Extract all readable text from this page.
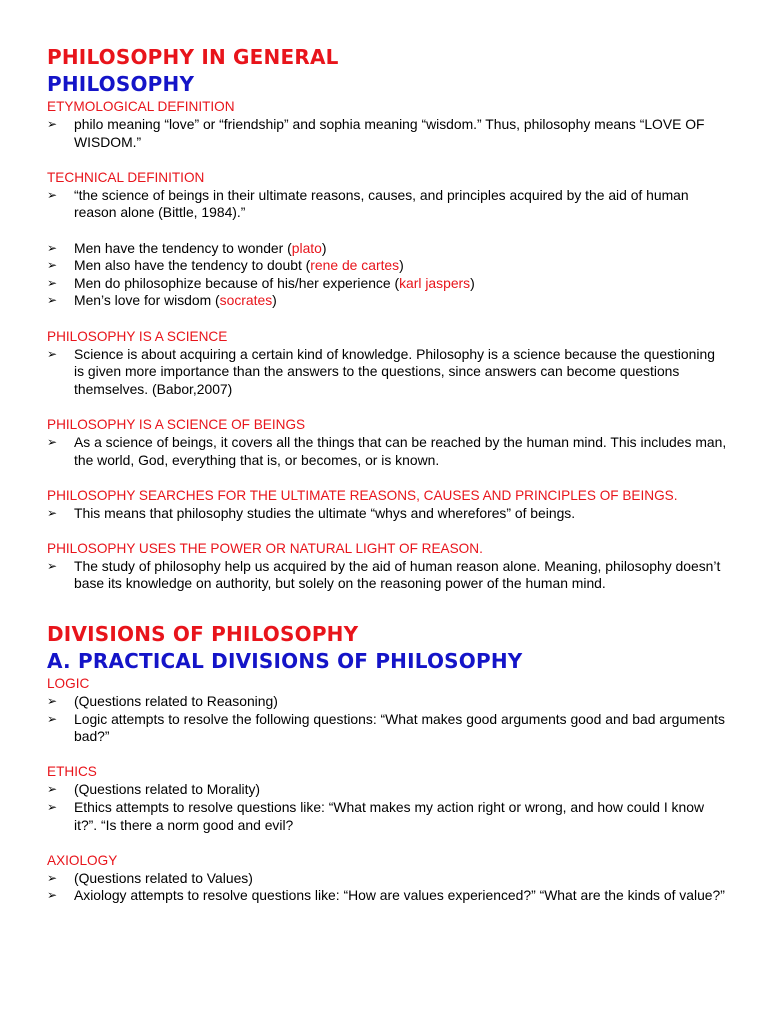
PHILOSOPHY IN GENERAL
PHILOSOPHY

ETYMOLOGICAL DEFINITION

➢ philo meaning “love” or “friendship” and sophia meaning “wisdom.” Thus, philosophy means “LOVE OF WISDOM.”

TECHNICAL DEFINITION

➢ “the science of beings in their ultimate reasons, causes, and principles acquired by the aid of human reason alone (Bittle, 1984).”
➢ Men have the tendency to wonder (plato)
➢ Men also have the tendency to doubt (rene de cartes)
➢ Men do philosophize because of his/her experience (karl jaspers)
➢ Men’s love for wisdom (socrates)

PHILOSOPHY IS A SCIENCE

➢ Science is about acquiring a certain kind of knowledge. Philosophy is a science because the questioning is given more importance than the answers to the questions, since answers can become questions themselves. (Babor,2007)

PHILOSOPHY IS A SCIENCE OF BEINGS

➢ As a science of beings, it covers all the things that can be reached by the human mind. This includes man, the world, God, everything that is, or becomes, or is known.

PHILOSOPHY SEARCHES FOR THE ULTIMATE REASONS, CAUSES AND PRINCIPLES OF BEINGS.

➢ This means that philosophy studies the ultimate “whys and wherefores” of beings.

PHILOSOPHY USES THE POWER OR NATURAL LIGHT OF REASON.

➢ The study of philosophy help us acquired by the aid of human reason alone. Meaning, philosophy doesn’t base its knowledge on authority, but solely on the reasoning power of the human mind.
DIVISIONS OF PHILOSOPHY
A. PRACTICAL DIVISIONS OF PHILOSOPHY

LOGIC

➢ (Questions related to Reasoning)
➢ Logic attempts to resolve the following questions: “What makes good arguments good and bad arguments bad?”

ETHICS

➢ (Questions related to Morality)
➢ Ethics attempts to resolve questions like: “What makes my action right or wrong, and how could I know it?”. “Is there a norm good and evil?

AXIOLOGY

➢ (Questions related to Values)
➢ Axiology attempts to resolve questions like: “How are values experienced?” “What are the kinds of value?”
